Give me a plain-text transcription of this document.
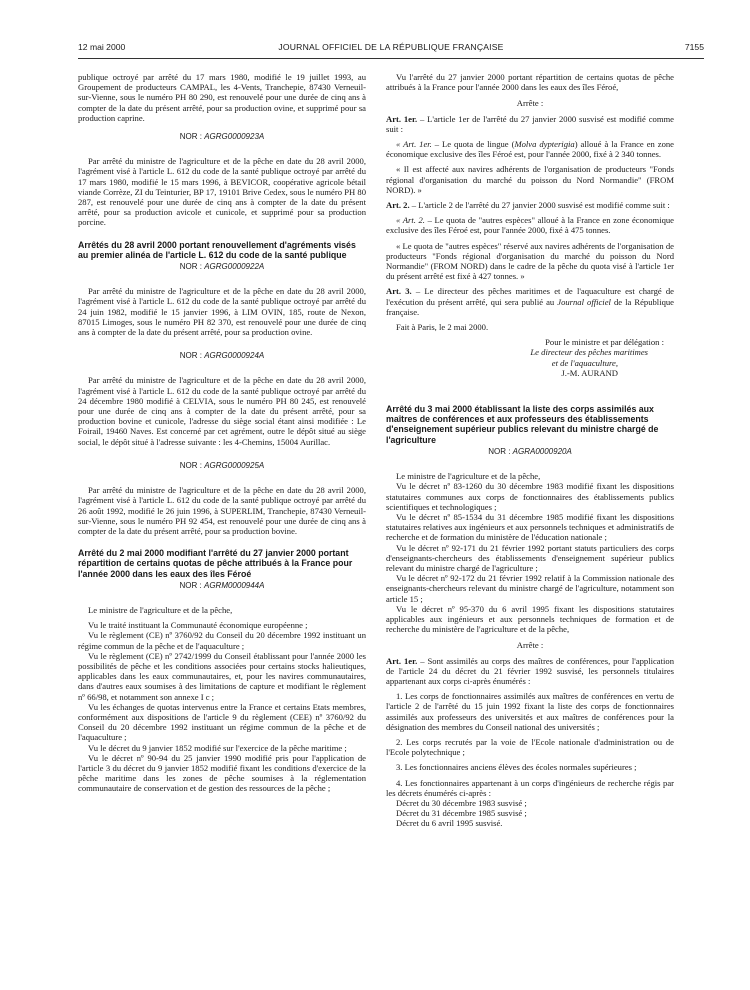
12 mai 2000	JOURNAL OFFICIEL DE LA RÉPUBLIQUE FRANÇAISE	7155

publique octroyé par arrêté du 17 mars 1980, modifié le 19 juillet 1993, au Groupement de producteurs CAMPAL, les 4-Vents, Tranchepie, 87430 Verneuil-sur-Vienne, sous le numéro PH 80 290, est renouvelé pour une durée de cinq ans à compter de la date du présent arrêté, pour sa production ovine, et supprimé pour sa production caprine.

NOR : AGRG0000923A

Par arrêté du ministre de l'agriculture et de la pêche en date du 28 avril 2000, l'agrément visé à l'article L. 612 du code de la santé publique octroyé par arrêté du 17 mars 1980, modifié le 15 mars 1996, à BEVICOR, coopérative agricole bétail viande Corrèze, ZI du Teinturier, BP 17, 19101 Brive Cedex, sous le numéro PH 80 287, est renouvelé pour une durée de cinq ans à compter de la date du présent arrêté, pour sa production avicole et cunicole, et supprimé pour sa production porcine.

Arrêtés du 28 avril 2000 portant renouvellement d'agréments visés au premier alinéa de l'article L. 612 du code de la santé publique

NOR : AGRG0000922A

Par arrêté du ministre de l'agriculture et de la pêche en date du 28 avril 2000, l'agrément visé à l'article L. 612 du code de la santé publique octroyé par arrêté du 24 juin 1982, modifié le 15 janvier 1996, à LIM OVIN, 185, route de Nexon, 87015 Limoges, sous le numéro PH 82 370, est renouvelé pour une durée de cinq ans à compter de la date du présent arrêté, pour sa production ovine.

NOR : AGRG0000924A

Par arrêté du ministre de l'agriculture et de la pêche en date du 28 avril 2000, l'agrément visé à l'article L. 612 du code de la santé publique octroyé par arrêté du 24 décembre 1980 modifié à CELVIA, sous le numéro PH 80 245, est renouvelé pour une durée de cinq ans à compter de la date du présent arrêté, pour sa production bovine et cunicole, l'adresse du siège social étant ainsi modifiée : Le Foirail, 19460 Naves. Est concerné par cet agrément, outre le dépôt situé au siège social, le dépôt situé à l'adresse suivante : les 4-Chemins, 15004 Aurillac.

NOR : AGRG0000925A

Par arrêté du ministre de l'agriculture et de la pêche en date du 28 avril 2000, l'agrément visé à l'article L. 612 du code de la santé publique octroyé par arrêté du 26 août 1992, modifié le 26 juin 1996, à SUPERLIM, Tranchepie, 87430 Verneuil-sur-Vienne, sous le numéro PH 92 454, est renouvelé pour une durée de cinq ans à compter de la date du présent arrêté, pour sa production bovine.

Arrêté du 2 mai 2000 modifiant l'arrêté du 27 janvier 2000 portant répartition de certains quotas de pêche attribués à la France pour l'année 2000 dans les eaux des îles Féroé

NOR : AGRM0000944A

Le ministre de l'agriculture et de la pêche,

Vu le traité instituant la Communauté économique européenne ;

Vu le règlement (CE) nº 3760/92 du Conseil du 20 décembre 1992 instituant un régime commun de la pêche et de l'aquaculture ;

Vu le règlement (CE) nº 2742/1999 du Conseil établissant pour l'année 2000 les possibilités de pêche et les conditions associées pour certains stocks halieutiques, applicables dans les eaux communautaires, et, pour les navires communautaires, dans d'autres eaux soumises à des limitations de capture et modifiant le règlement nº 66/98, et notamment son annexe I c ;

Vu les échanges de quotas intervenus entre la France et certains Etats membres, conformément aux dispositions de l'article 9 du règlement (CEE) nº 3760/92 du Conseil du 20 décembre 1992 instituant un régime commun de la pêche et de l'aquaculture ;

Vu le décret du 9 janvier 1852 modifié sur l'exercice de la pêche maritime ;

Vu le décret nº 90-94 du 25 janvier 1990 modifié pris pour l'application de l'article 3 du décret du 9 janvier 1852 modifié fixant les conditions d'exercice de la pêche maritime dans les zones de pêche soumises à la réglementation communautaire de conservation et de gestion des ressources de la pêche ;

Vu l'arrêté du 27 janvier 2000 portant répartition de certains quotas de pêche attribués à la France pour l'année 2000 dans les eaux des îles Féroé,

Arrête :

Art. 1er. – L'article 1er de l'arrêté du 27 janvier 2000 susvisé est modifié comme suit :

« Art. 1er. – Le quota de lingue (Molva dypterigia) alloué à la France en zone économique exclusive des îles Féroé est, pour l'année 2000, fixé à 2 340 tonnes.

« Il est affecté aux navires adhérents de l'organisation de producteurs "Fonds régional d'organisation du marché du poisson du Nord Normandie" (FROM NORD). »

Art. 2. – L'article 2 de l'arrêté du 27 janvier 2000 susvisé est modifié comme suit :

« Art. 2. – Le quota de "autres espèces" alloué à la France en zone économique exclusive des îles Féroé est, pour l'année 2000, fixé à 475 tonnes.

« Le quota de "autres espèces" réservé aux navires adhérents de l'organisation de producteurs "Fonds régional d'organisation du marché du poisson du Nord Normandie" (FROM NORD) dans le cadre de la pêche du quota visé à l'article 1er du présent arrêté est fixé à 427 tonnes. »

Art. 3. – Le directeur des pêches maritimes et de l'aquaculture est chargé de l'exécution du présent arrêté, qui sera publié au Journal officiel de la République française.

Fait à Paris, le 2 mai 2000.

Pour le ministre et par délégation :

Le directeur des pêches maritimes

et de l'aquaculture,

J.-M. AURAND

Arrêté du 3 mai 2000 établissant la liste des corps assimilés aux maîtres de conférences et aux professeurs des établissements d'enseignement supérieur publics relevant du ministre chargé de l'agriculture

NOR : AGRA0000920A

Le ministre de l'agriculture et de la pêche,

Vu le décret nº 83-1260 du 30 décembre 1983 modifié fixant les dispositions statutaires communes aux corps de fonctionnaires des établissements publics scientifiques et technologiques ;

Vu le décret nº 85-1534 du 31 décembre 1985 modifié fixant les dispositions statutaires relatives aux ingénieurs et aux personnels techniques et administratifs de recherche et de formation du ministère de l'éducation nationale ;

Vu le décret nº 92-171 du 21 février 1992 portant statuts particuliers des corps d'enseignants-chercheurs des établissements d'enseignement supérieur publics relevant du ministre chargé de l'agriculture ;

Vu le décret nº 92-172 du 21 février 1992 relatif à la Commission nationale des enseignants-chercheurs relevant du ministre chargé de l'agriculture, notamment son article 15 ;

Vu le décret nº 95-370 du 6 avril 1995 fixant les dispositions statutaires applicables aux ingénieurs et aux personnels techniques de formation et de recherche du ministère de l'agriculture et de la pêche,

Arrête :

Art. 1er. – Sont assimilés au corps des maîtres de conférences, pour l'application de l'article 24 du décret du 21 février 1992 susvisé, les personnels titulaires appartenant aux corps ci-après énumérés :

1. Les corps de fonctionnaires assimilés aux maîtres de conférences en vertu de l'article 2 de l'arrêté du 15 juin 1992 fixant la liste des corps de fonctionnaires assimilés aux professeurs des universités et aux maîtres de conférences pour la désignation des membres du Conseil national des universités ;

2. Les corps recrutés par la voie de l'Ecole nationale d'administration ou de l'Ecole polytechnique ;

3. Les fonctionnaires anciens élèves des écoles normales supérieures ;

4. Les fonctionnaires appartenant à un corps d'ingénieurs de recherche régis par les décrets énumérés ci-après :

Décret du 30 décembre 1983 susvisé ;

Décret du 31 décembre 1985 susvisé ;

Décret du 6 avril 1995 susvisé.
